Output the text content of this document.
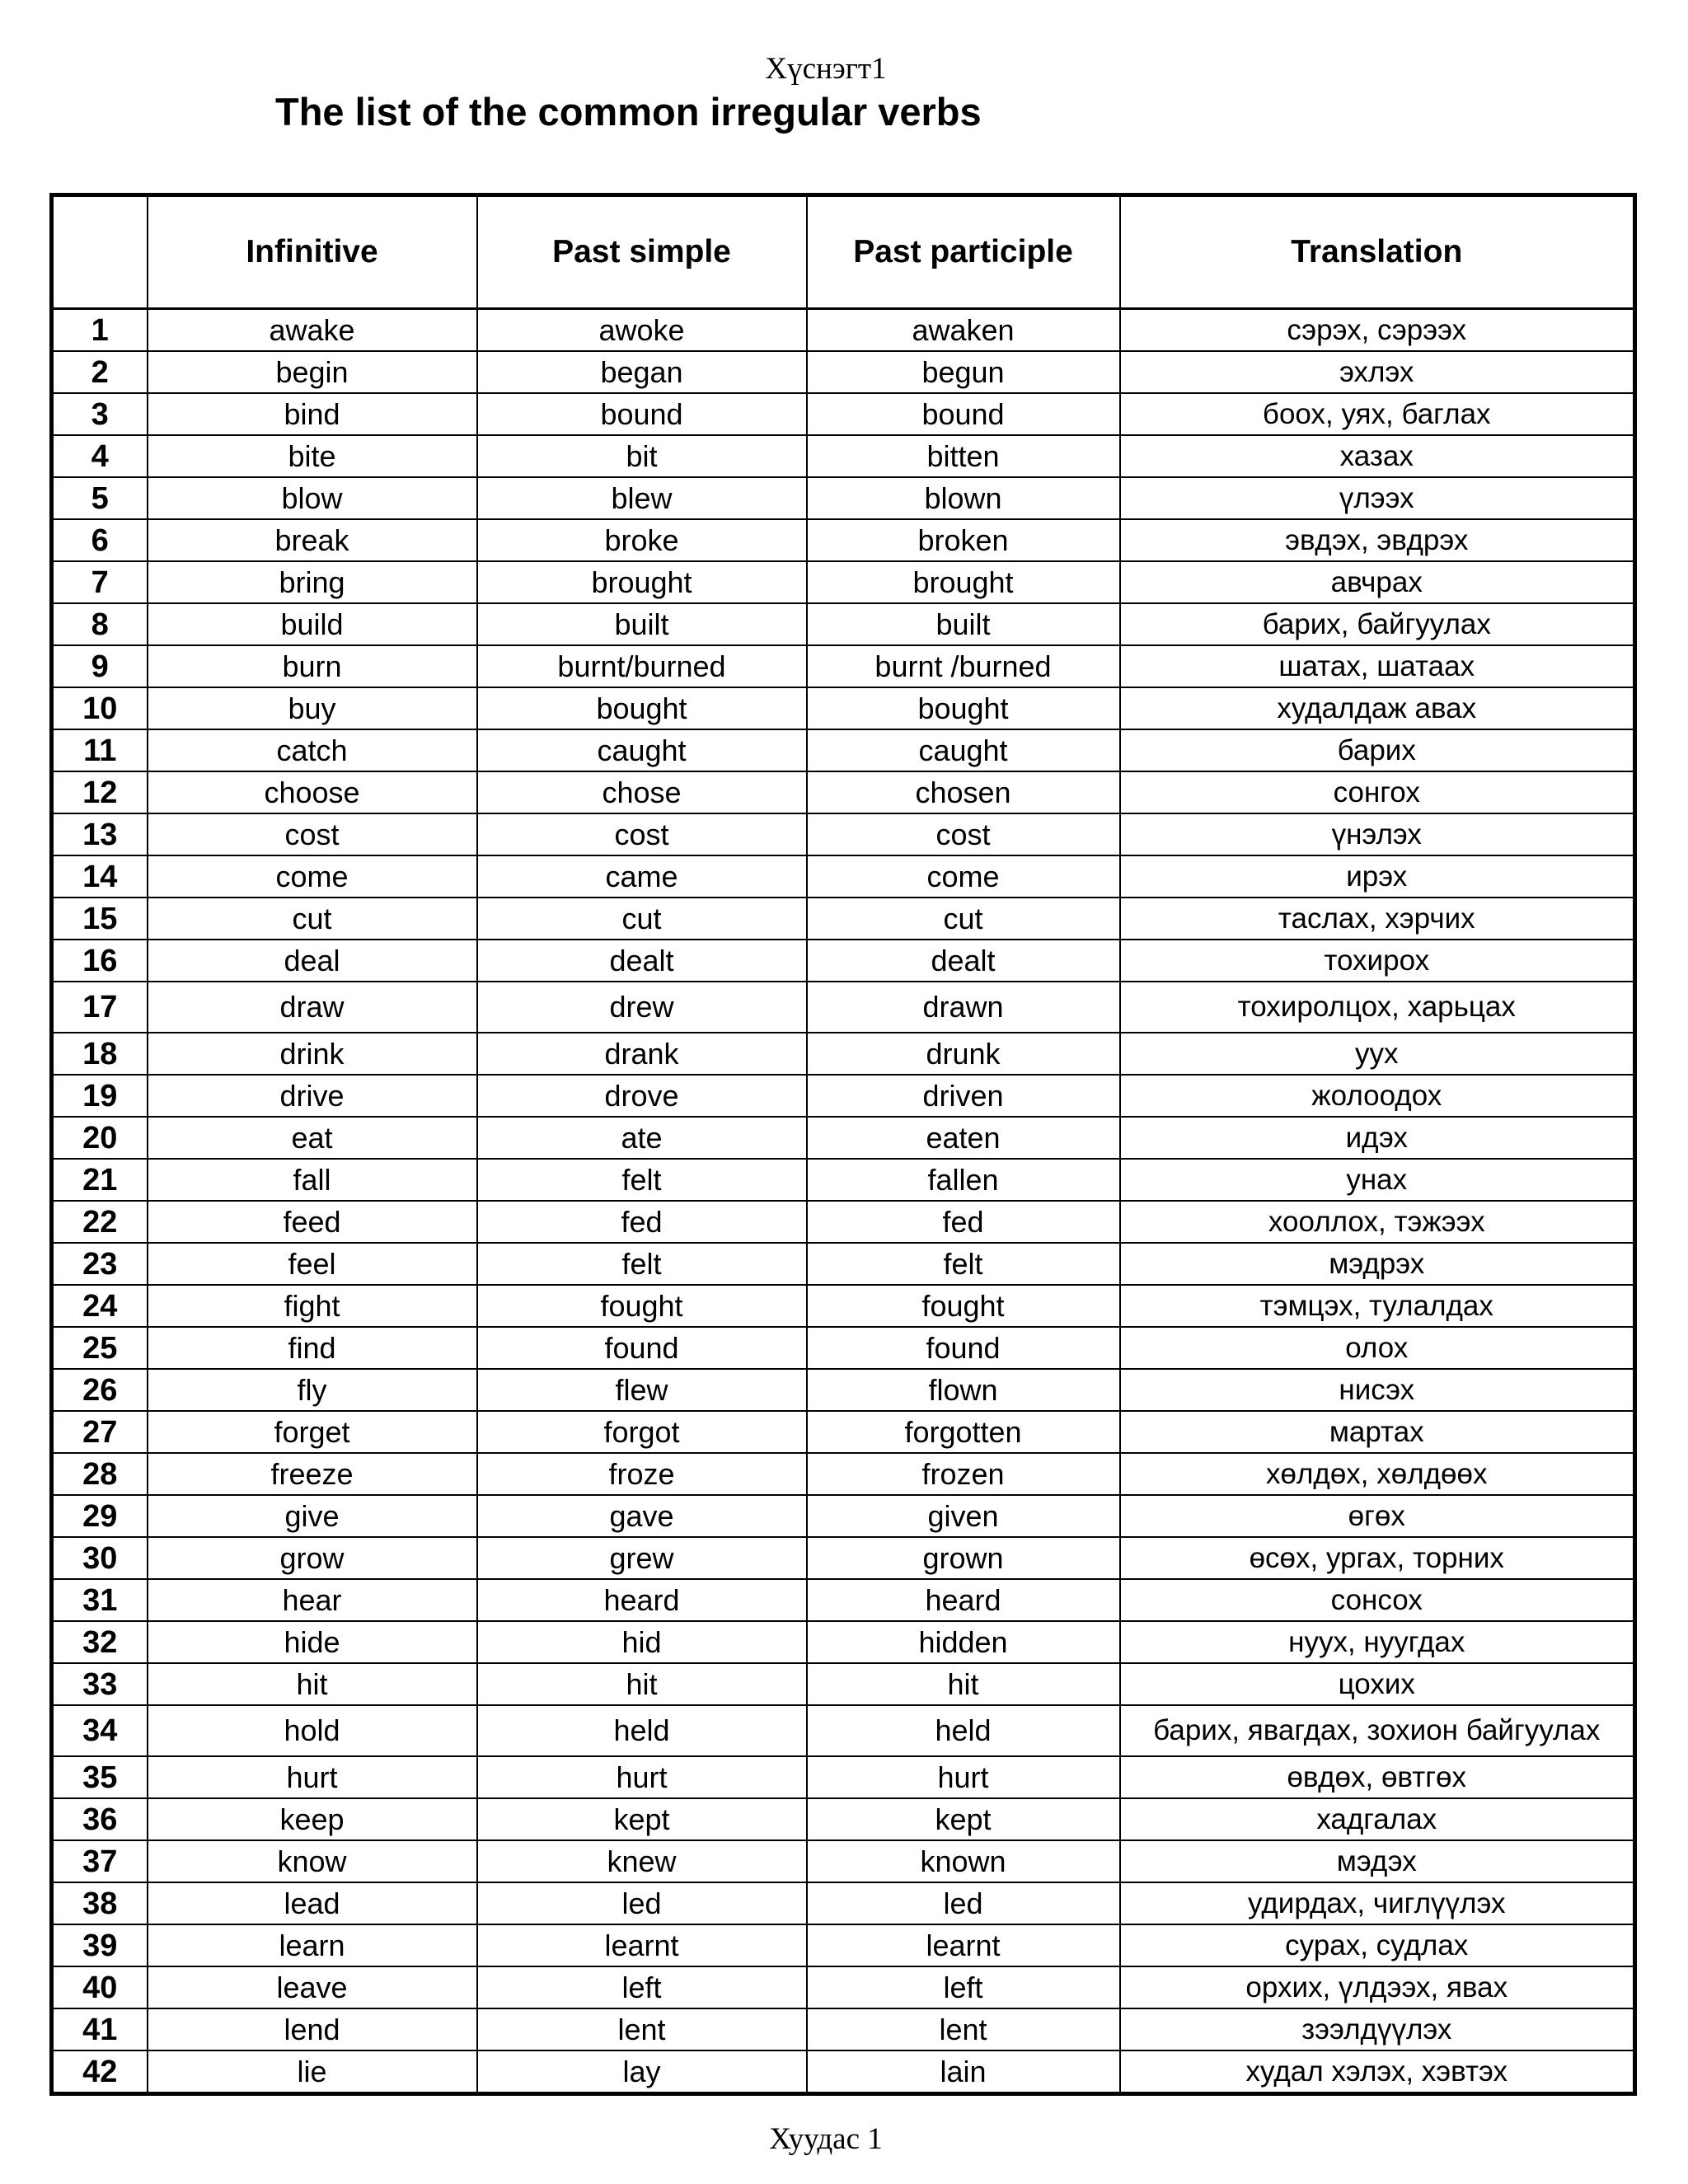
Хүснэгт1
The list of the common irregular verbs
	Infinitive	Past simple	Past participle	Translation
1	awake	awoke	awaken	сэрэх, сэрээх
2	begin	began	begun	эхлэх
3	bind	bound	bound	боох, уях, баглах
4	bite	bit	bitten	хазах
5	blow	blew	blown	үлээх
6	break	broke	broken	эвдэх, эвдрэх
7	bring	brought	brought	авчрах
8	build	built	built	барих, байгуулах
9	burn	burnt/burned	burnt /burned	шатах, шатаах
10	buy	bought	bought	худалдаж авах
11	catch	caught	caught	барих
12	choose	chose	chosen	сонгох
13	cost	cost	cost	үнэлэх
14	come	came	come	ирэх
15	cut	cut	cut	таслах, хэрчих
16	deal	dealt	dealt	тохирох
17	draw	drew	drawn	тохиролцох, харьцах
18	drink	drank	drunk	уух
19	drive	drove	driven	жолоодох
20	eat	ate	eaten	идэх
21	fall	felt	fallen	унах
22	feed	fed	fed	хооллох, тэжээх
23	feel	felt	felt	мэдрэх
24	fight	fought	fought	тэмцэх, тулалдах
25	find	found	found	олох
26	fly	flew	flown	нисэх
27	forget	forgot	forgotten	мартах
28	freeze	froze	frozen	хөлдөх, хөлдөөх
29	give	gave	given	өгөх
30	grow	grew	grown	өсөх, ургах, торних
31	hear	heard	heard	сонсох
32	hide	hid	hidden	нуух, нуугдах
33	hit	hit	hit	цохих
34	hold	held	held	барих, явагдах, зохион байгуулах
35	hurt	hurt	hurt	өвдөх, өвтгөх
36	keep	kept	kept	хадгалах
37	know	knew	known	мэдэх
38	lead	led	led	удирдах, чиглүүлэх
39	learn	learnt	learnt	сурах, судлах
40	leave	left	left	орхих, үлдээх, явах
41	lend	lent	lent	зээлдүүлэх
42	lie	lay	lain	худал хэлэх, хэвтэх
Хуудас 1
